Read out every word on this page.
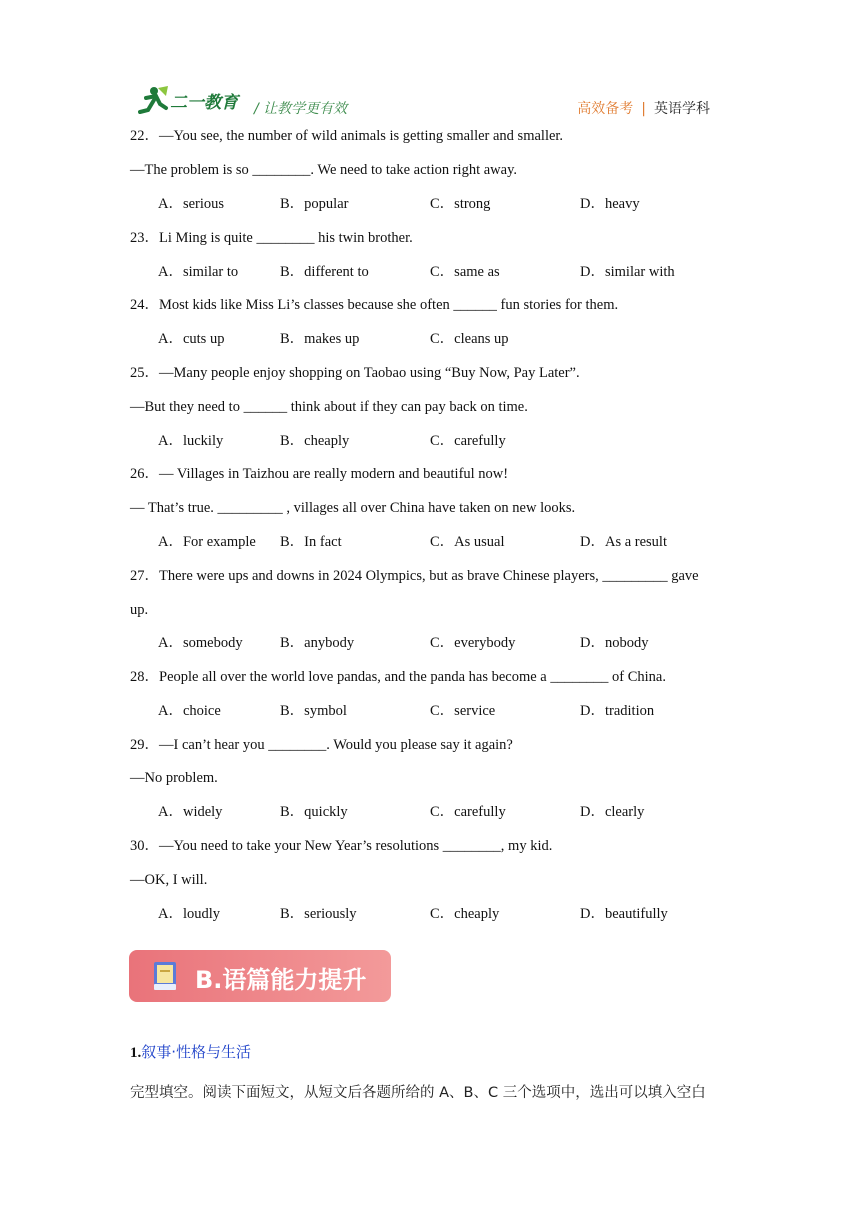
二一教育 / 让教学更有效	高效备考 | 英语学科
22．—You see, the number of wild animals is getting smaller and smaller.
—The problem is so ________. We need to take action right away.
A．serious	B．popular	C．strong	D．heavy
23．Li Ming is quite ________ his twin brother.
A．similar to	B．different to	C．same as	D．similar with
24．Most kids like Miss Li’s classes because she often ______ fun stories for them.
A．cuts up	B．makes up	C．cleans up
25．—Many people enjoy shopping on Taobao using “Buy Now, Pay Later”.
—But they need to ______ think about if they can pay back on time.
A．luckily	B．cheaply	C．carefully
26．— Villages in Taizhou are really modern and beautiful now!
— That’s true. _________ , villages all over China have taken on new looks.
A．For example B．In fact	C．As usual	D．As a result
27．There were ups and downs in 2024 Olympics, but as brave Chinese players, _________ gave
up.
A．somebody	B．anybody	C．everybody	D．nobody
28．People all over the world love pandas, and the panda has become a ________ of China.
A．choice	B．symbol	C．service	D．tradition
29．—I can’t hear you ________. Would you please say it again?
—No problem.
A．widely	B．quickly	C．carefully	D．clearly
30．—You need to take your New Year’s resolutions ________, my kid.
—OK, I will.
A．loudly	B．seriously	C．cheaply	D．beautifully
B.语篇能力提升
1.叙事·性格与生活
完型填空。阅读下面短文，从短文后各题所给的 A、B、C 三个选项中，选出可以填入空白
